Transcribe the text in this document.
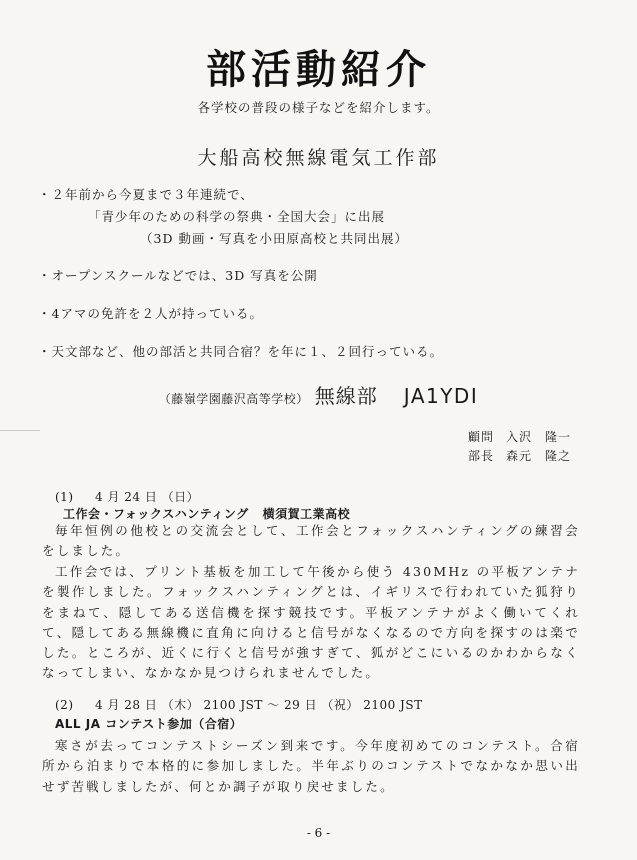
部活動紹介
各学校の普段の様子などを紹介します。
大船高校無線電気工作部
・２年前から今夏まで３年連続で、
「青少年のための科学の祭典・全国大会」に出展
（3D 動画・写真を小田原高校と共同出展）
・オープンスクールなどでは、3D 写真を公開
・4アマの免許を２人が持っている。
・天文部など、他の部活と共同合宿？を年に１、２回行っている。
（藤嶺学園藤沢高等学校） 無線部 JA1YDI
顧問 入沢　隆一
部長 森元　隆之
(1) 4 月 24 日 （日）
工作会・フォックスハンティング 横須賀工業高校

毎年恒例の他校との交流会として、工作会とフォックスハンティングの練習会をしました。

工作会では、プリント基板を加工して午後から使う 430MHz の平板アンテナを製作しました。フォックスハンティングとは、イギリスで行われていた狐狩りをまねて、隠してある送信機を探す競技です。平板アンテナがよく働いてくれて、隠してある無線機に直角に向けると信号がなくなるので方向を探すのは楽でした。ところが、近くに行くと信号が強すぎて、狐がどこにいるのかわからなくなってしまい、なかなか見つけられませんでした。

(2) 4 月 28 日 （木） 2100 JST 〜 29 日 （祝） 2100 JST
ALL JA コンテスト参加（合宿）

寒さが去ってコンテストシーズン到来です。今年度初めてのコンテスト。合宿所から泊まりで本格的に参加しました。半年ぶりのコンテストでなかなか思い出せず苦戦しましたが、何とか調子が取り戻せました。

- 6 -
